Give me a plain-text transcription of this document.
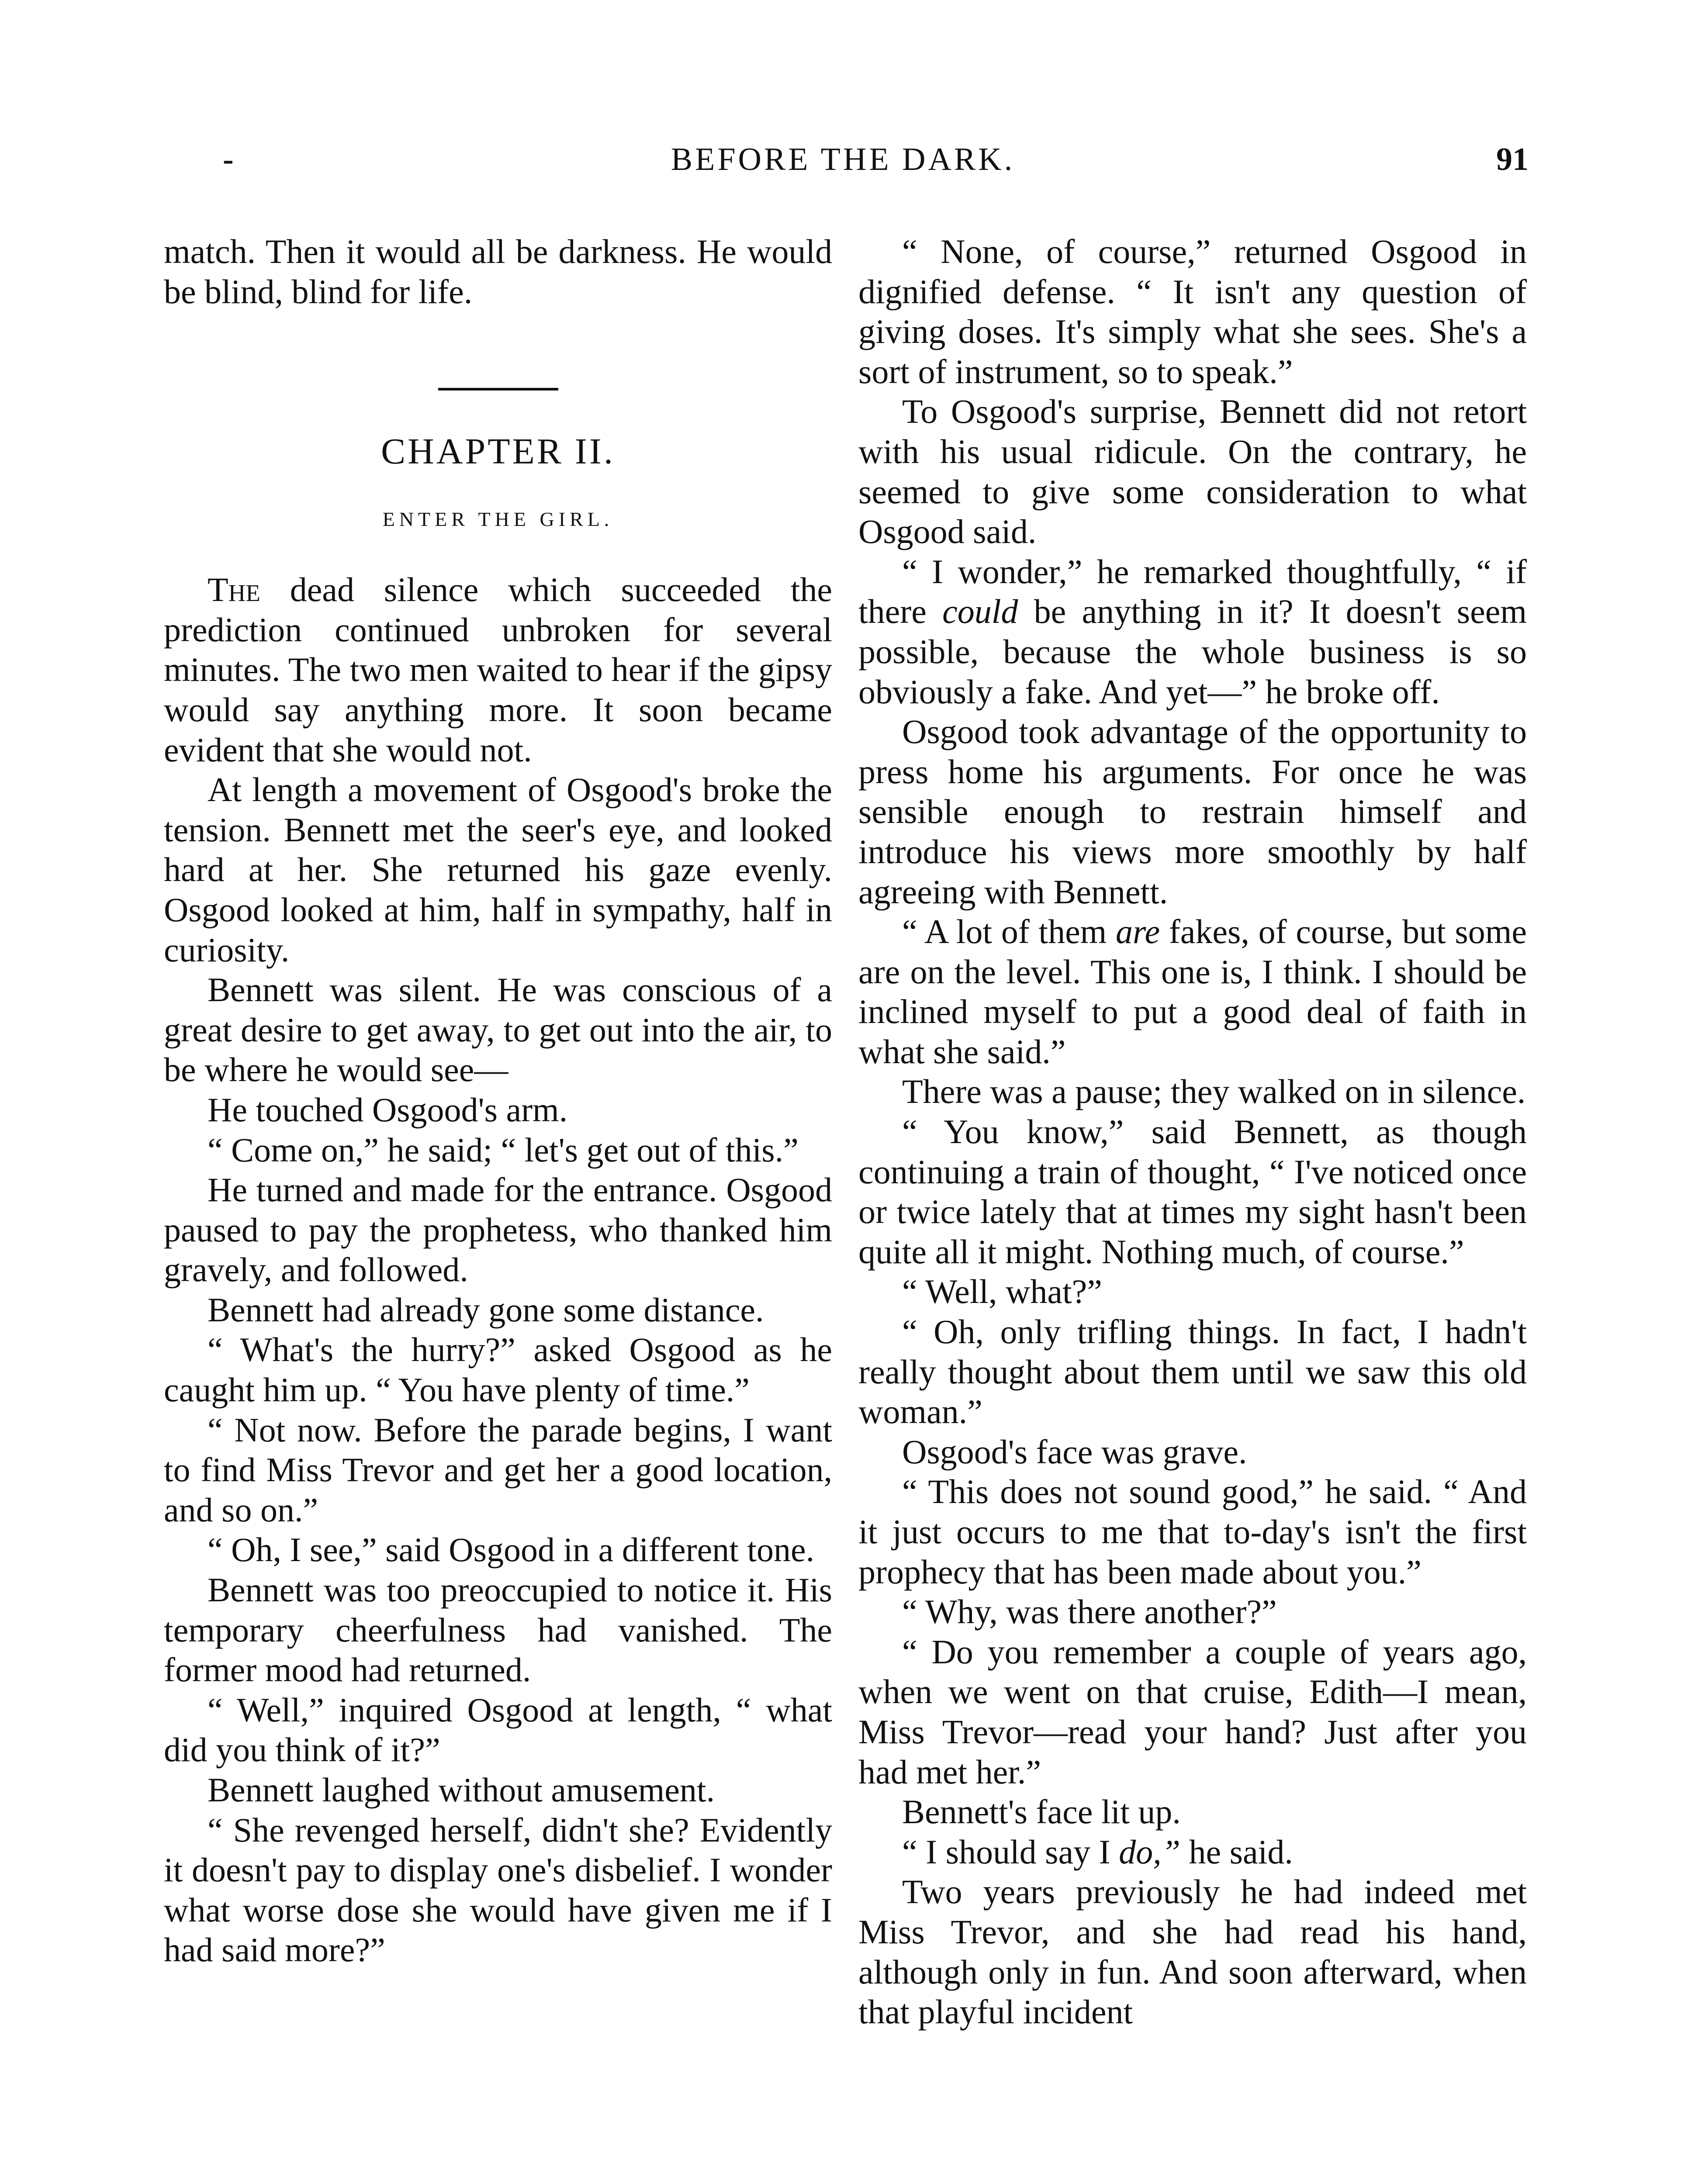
-	BEFORE THE DARK.	91

match. Then it would all be darkness. He would be blind, blind for life.

CHAPTER II.
ENTER THE GIRL.

The dead silence which succeeded the prediction continued unbroken for several minutes. The two men waited to hear if the gipsy would say anything more. It soon became evident that she would not.

At length a movement of Osgood's broke the tension. Bennett met the seer's eye, and looked hard at her. She returned his gaze evenly. Osgood looked at him, half in sympathy, half in curiosity.

Bennett was silent. He was conscious of a great desire to get away, to get out into the air, to be where he would see—

He touched Osgood's arm.

“ Come on,” he said; “ let's get out of this.”

He turned and made for the entrance. Osgood paused to pay the prophetess, who thanked him gravely, and followed.

Bennett had already gone some distance.

“ What's the hurry?” asked Osgood as he caught him up. “ You have plenty of time.”

“ Not now. Before the parade begins, I want to find Miss Trevor and get her a good location, and so on.”

“ Oh, I see,” said Osgood in a different tone.

Bennett was too preoccupied to notice it. His temporary cheerfulness had vanished. The former mood had returned.

“ Well,” inquired Osgood at length, “ what did you think of it?”

Bennett laughed without amusement.

“ She revenged herself, didn't she? Evidently it doesn't pay to display one's disbelief. I wonder what worse dose she would have given me if I had said more?”

“ None, of course,” returned Osgood in dignified defense. “ It isn't any question of giving doses. It's simply what she sees. She's a sort of instrument, so to speak.”

To Osgood's surprise, Bennett did not retort with his usual ridicule. On the contrary, he seemed to give some consideration to what Osgood said.

“ I wonder,” he remarked thoughtfully, “ if there could be anything in it? It doesn't seem possible, because the whole business is so obviously a fake. And yet—” he broke off.

Osgood took advantage of the opportunity to press home his arguments. For once he was sensible enough to restrain himself and introduce his views more smoothly by half agreeing with Bennett.

“ A lot of them are fakes, of course, but some are on the level. This one is, I think. I should be inclined myself to put a good deal of faith in what she said.”

There was a pause; they walked on in silence.

“ You know,” said Bennett, as though continuing a train of thought, “ I've noticed once or twice lately that at times my sight hasn't been quite all it might. Nothing much, of course.”

“ Well, what?”

“ Oh, only trifling things. In fact, I hadn't really thought about them until we saw this old woman.”

Osgood's face was grave.

“ This does not sound good,” he said. “ And it just occurs to me that to-day's isn't the first prophecy that has been made about you.”

“ Why, was there another?”

“ Do you remember a couple of years ago, when we went on that cruise, Edith—I mean, Miss Trevor—read your hand? Just after you had met her.”

Bennett's face lit up.

“ I should say I do,” he said.

Two years previously he had indeed met Miss Trevor, and she had read his hand, although only in fun. And soon afterward, when that playful incident
